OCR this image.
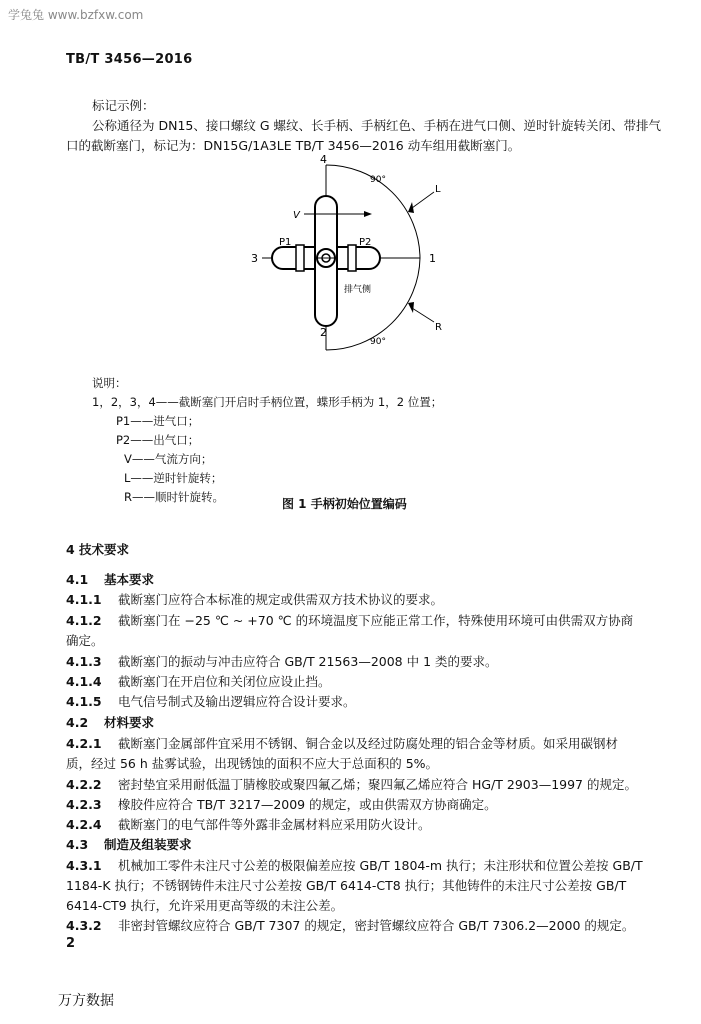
学兔兔 www.bzfxw.com
TB/T 3456—2016
标记示例：
公称通径为 DN15、接口螺纹 G 螺纹、长手柄、手柄红色、手柄在进气口侧、逆时针旋转关闭、带排气
口的截断塞门，标记为：DN15G/1A3LE TB/T 3456—2016 动车组用截断塞门。
4
2
3	1
P1	P2
V
L
R
90°
90°
排气侧
说明：
1，2，3，4——截断塞门开启时手柄位置，蝶形手柄为 1，2 位置；
P1——进气口；
P2——出气口；
V——气流方向；
L——逆时针旋转；
R——顺时针旋转。	图 1 手柄初始位置编码
4 技术要求
4.1 基本要求
4.1.1 截断塞门应符合本标准的规定或供需双方技术协议的要求。
4.1.2 截断塞门在 −25 ℃ ~ +70 ℃ 的环境温度下应能正常工作，特殊使用环境可由供需双方协商
确定。
4.1.3 截断塞门的振动与冲击应符合 GB/T 21563—2008 中 1 类的要求。
4.1.4 截断塞门在开启位和关闭位应设止挡。
4.1.5 电气信号制式及输出逻辑应符合设计要求。
4.2 材料要求
4.2.1 截断塞门金属部件宜采用不锈钢、铜合金以及经过防腐处理的铝合金等材质。如采用碳钢材
质，经过 56 h 盐雾试验，出现锈蚀的面积不应大于总面积的 5%。
4.2.2 密封垫宜采用耐低温丁腈橡胶或聚四氟乙烯；聚四氟乙烯应符合 HG/T 2903—1997 的规定。
4.2.3 橡胶件应符合 TB/T 3217—2009 的规定，或由供需双方协商确定。
4.2.4 截断塞门的电气部件等外露非金属材料应采用防火设计。
4.3 制造及组装要求
4.3.1 机械加工零件未注尺寸公差的极限偏差应按 GB/T 1804-m 执行；未注形状和位置公差按 GB/T
1184-K 执行；不锈钢铸件未注尺寸公差按 GB/T 6414-CT8 执行；其他铸件的未注尺寸公差按 GB/T
6414-CT9 执行，允许采用更高等级的未注公差。
4.3.2 非密封管螺纹应符合 GB/T 7307 的规定，密封管螺纹应符合 GB/T 7306.2—2000 的规定。
2
万方数据
